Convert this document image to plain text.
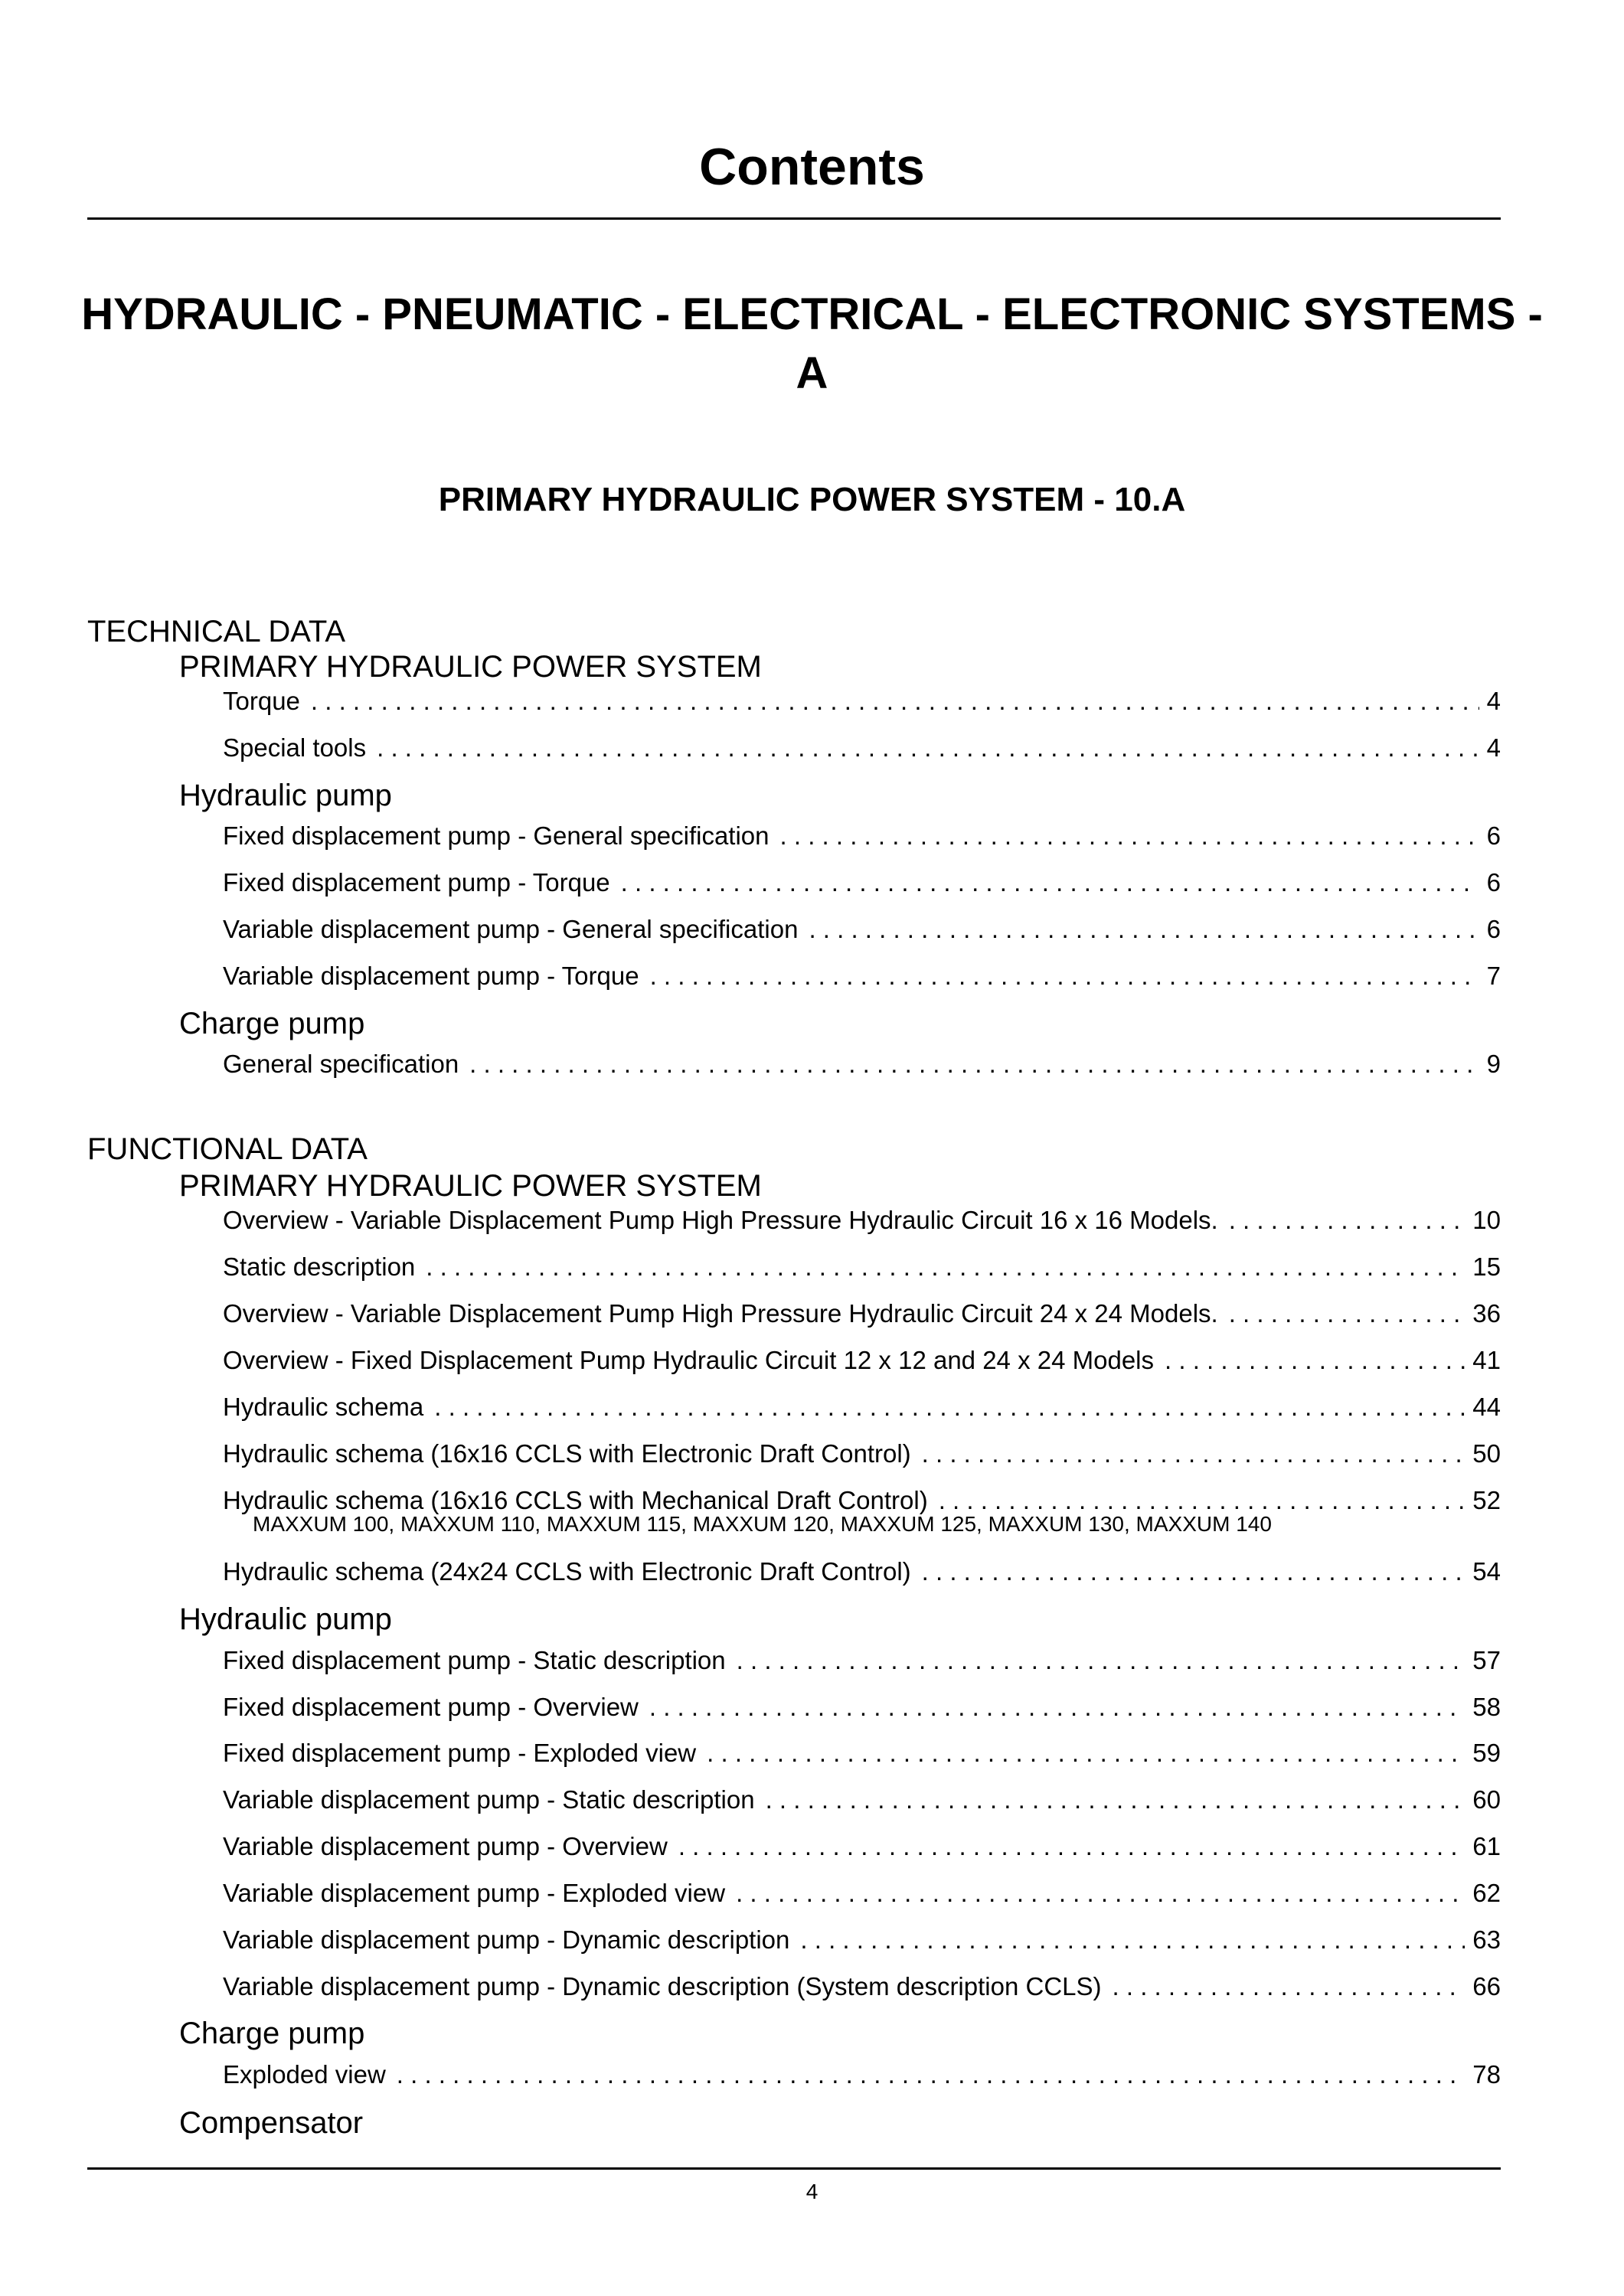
Contents
HYDRAULIC - PNEUMATIC - ELECTRICAL - ELECTRONIC SYSTEMS - A
PRIMARY HYDRAULIC POWER SYSTEM - 10.A
TECHNICAL DATA
PRIMARY HYDRAULIC POWER SYSTEM
Torque . . .	4
Special tools . . .	4
Hydraulic pump
Fixed displacement pump - General specification . . .	6
Fixed displacement pump - Torque . . .	6
Variable displacement pump - General specification . . .	6
Variable displacement pump - Torque . . .	7
Charge pump
General specification . . .	9
FUNCTIONAL DATA
PRIMARY HYDRAULIC POWER SYSTEM
Overview - Variable Displacement Pump High Pressure Hydraulic Circuit 16 x 16 Models. . . .	10
Static description . . .	15
Overview - Variable Displacement Pump High Pressure Hydraulic Circuit 24 x 24 Models. . . .	36
Overview - Fixed Displacement Pump Hydraulic Circuit 12 x 12 and 24 x 24 Models . . .	41
Hydraulic schema . . .	44
Hydraulic schema (16x16 CCLS with Electronic Draft Control) . . .	50
Hydraulic schema (16x16 CCLS with Mechanical Draft Control) . . .	52
MAXXUM 100, MAXXUM 110, MAXXUM 115, MAXXUM 120, MAXXUM 125, MAXXUM 130, MAXXUM 140
Hydraulic schema (24x24 CCLS with Electronic Draft Control) . . .	54
Hydraulic pump
Fixed displacement pump - Static description . . .	57
Fixed displacement pump - Overview . . .	58
Fixed displacement pump - Exploded view . . .	59
Variable displacement pump - Static description . . .	60
Variable displacement pump - Overview . . .	61
Variable displacement pump - Exploded view . . .	62
Variable displacement pump - Dynamic description . . .	63
Variable displacement pump - Dynamic description (System description CCLS) . . .	66
Charge pump
Exploded view . . .	78
Compensator
4
